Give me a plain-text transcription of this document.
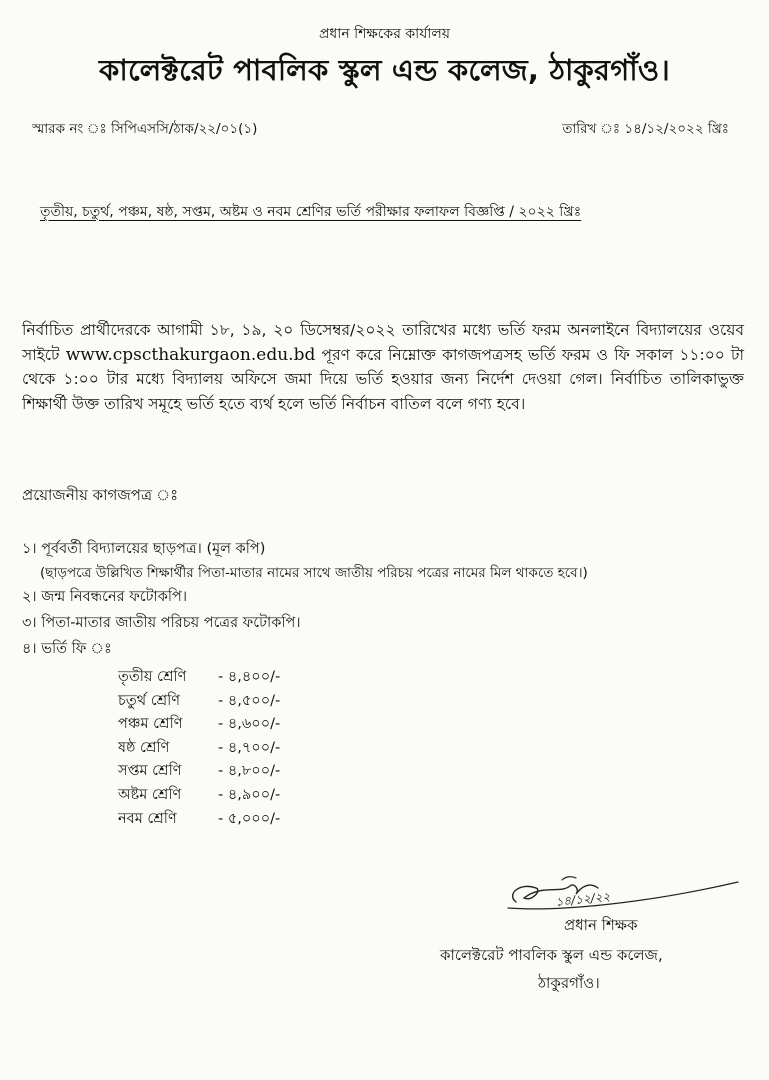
প্রধান শিক্ষকের কার্যালয়
কালেক্টরেট পাবলিক স্কুল এন্ড কলেজ, ঠাকুরগাঁও।
স্মারক নং ঃ সিপিএসসি/ঠাক/২২/০১(১)	তারিখ ঃ ১৪/১২/২০২২ খ্রিঃ
তৃতীয়, চতুর্থ, পঞ্চম, ষষ্ঠ, সপ্তম, অষ্টম ও নবম শ্রেণির ভর্তি পরীক্ষার ফলাফল বিজ্ঞপ্তি / ২০২২ খ্রিঃ
নির্বাচিত প্রার্থীদেরকে আগামী ১৮, ১৯, ২০ ডিসেম্বর/২০২২ তারিখের মধ্যে ভর্তি ফরম অনলাইনে বিদ্যালয়ের ওয়েব সাইটে www.cpscthakurgaon.edu.bd পূরণ করে নিম্নোক্ত কাগজপত্রসহ ভর্তি ফরম ও ফি সকাল ১১:০০ টা থেকে ১:০০ টার মধ্যে বিদ্যালয় অফিসে জমা দিয়ে ভর্তি হওয়ার জন্য নির্দেশ দেওয়া গেল। নির্বাচিত তালিকাভুক্ত শিক্ষার্থী উক্ত তারিখ সমূহে ভর্তি হতে ব্যর্থ হলে ভর্তি নির্বাচন বাতিল বলে গণ্য হবে।
প্রয়োজনীয় কাগজপত্র ঃ
১। পূর্ববর্তী বিদ্যালয়ের ছাড়পত্র। (মূল কপি)
(ছাড়পত্রে উল্লিখিত শিক্ষার্থীর পিতা-মাতার নামের সাথে জাতীয় পরিচয় পত্রের নামের মিল থাকতে হবে।)
২। জন্ম নিবন্ধনের ফটোকপি।
৩। পিতা-মাতার জাতীয় পরিচয় পত্রের ফটোকপি।
৪। ভর্তি ফি ঃ
তৃতীয় শ্রেণি	- ৪,৪০০/-
চতুর্থ শ্রেণি	- ৪,৫০০/-
পঞ্চম শ্রেণি	- ৪,৬০০/-
ষষ্ঠ শ্রেণি	- ৪,৭০০/-
সপ্তম শ্রেণি	- ৪,৮০০/-
অষ্টম শ্রেণি	- ৪,৯০০/-
নবম শ্রেণি	- ৫,০০০/-
১৪/১২/২২
প্রধান শিক্ষক
কালেক্টরেট পাবলিক স্কুল এন্ড কলেজ,
ঠাকুরগাঁও।
